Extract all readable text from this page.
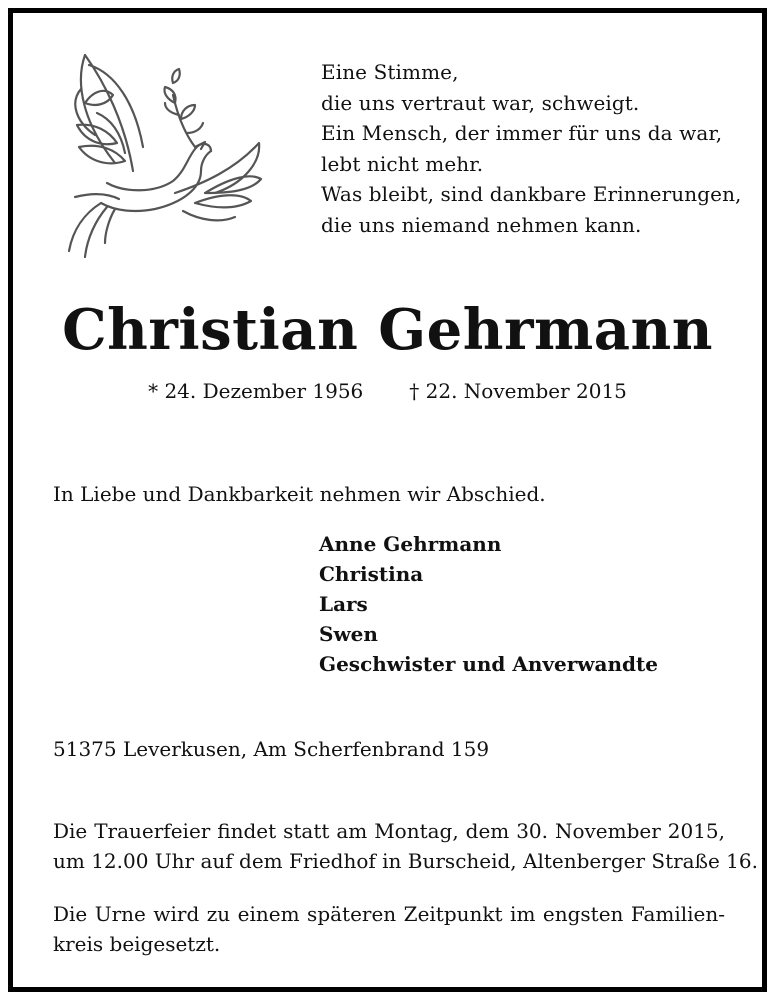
Eine Stimme,
die uns vertraut war, schweigt.
Ein Mensch, der immer für uns da war,
lebt nicht mehr.
Was bleibt, sind dankbare Erinnerungen,
die uns niemand nehmen kann.
Christian Gehrmann
* 24. Dezember 1956 † 22. November 2015
In Liebe und Dankbarkeit nehmen wir Abschied.
Anne Gehrmann
Christina
Lars
Swen
Geschwister und Anverwandte
51375 Leverkusen, Am Scherfenbrand 159
Die Trauerfeier findet statt am Montag, dem 30. November 2015,
um 12.00 Uhr auf dem Friedhof in Burscheid, Altenberger Straße 16.
Die Urne wird zu einem späteren Zeitpunkt im engsten Familien-
kreis beigesetzt.
